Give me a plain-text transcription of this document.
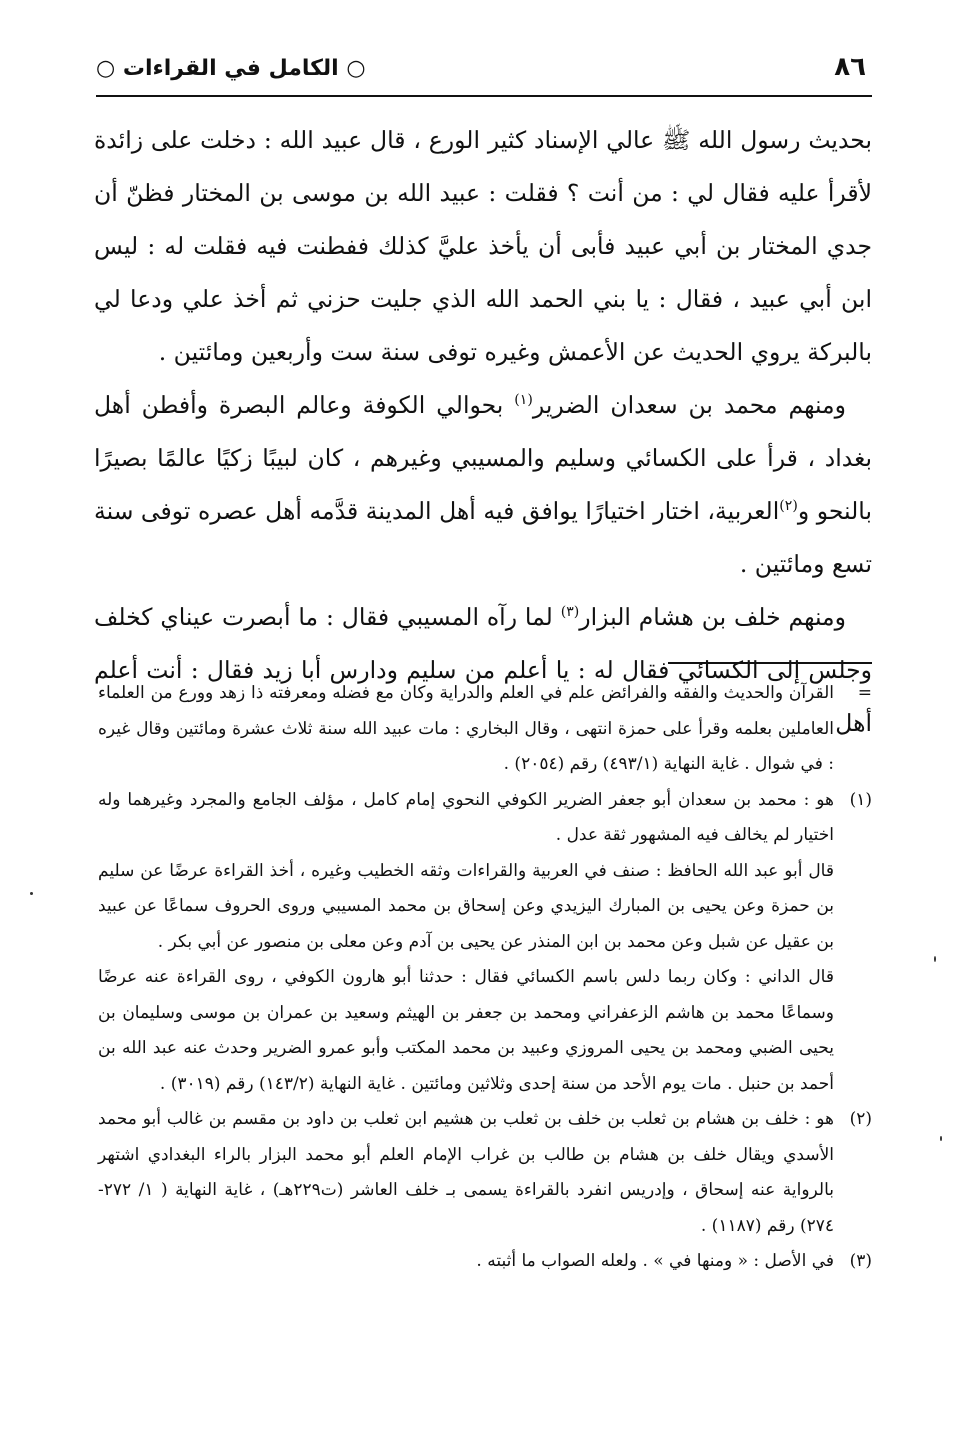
٨٦
○ الكامل في القراءات ○

بحديث رسول الله ﷺ عالي الإسناد كثير الورع ، قال عبيد الله : دخلت على زائدة لأقرأ عليه فقال لي : من أنت ؟ فقلت : عبيد الله بن موسى بن المختار فظنّ أن جدي المختار بن أبي عبيد فأبى أن يأخذ عليَّ كذلك ففطنت فيه فقلت له : ليس ابن أبي عبيد ، فقال : يا بني الحمد الله الذي جليت حزني ثم أخذ علي ودعا لي بالبركة يروي الحديث عن الأعمش وغيره توفى سنة ست وأربعين ومائتين .

ومنهم محمد بن سعدان الضرير$^{(١)}$ بحوالي الكوفة وعالم البصرة وأفطن أهل بغداد ، قرأ على الكسائي وسليم والمسيبي وغيرهم ، كان لبيبًا زكيًا عالمًا بصيرًا بالنحو و$^{(٢)}$العربية، اختار اختيارًا يوافق فيه أهل المدينة قدَّمه أهل عصره توفى سنة تسع ومائتين .

ومنهم خلف بن هشام البزار$^{(٣)}$ لما رآه المسيبي فقال : ما أبصرت عيناي كخلف وجلس إلى الكسائي فقال له : يا أعلم من سليم ودارس أبا زيد فقال : أنت أعلم أهل

=

القرآن والحديث والفقه والفرائض علم في العلم والدراية وكان مع فضله ومعرفته ذا زهد وورع من العلماء العاملين بعلمه وقرأ على حمزة انتهى ، وقال البخاري : مات عبيد الله سنة ثلاث عشرة ومائتين وقال غيره : في شوال . غاية النهاية (٤٩٣/١) رقم (٢٠٥٤) .

(١)

هو : محمد بن سعدان أبو جعفر الضرير الكوفي النحوي إمام كامل ، مؤلف الجامع والمجرد وغيرهما وله اختيار لم يخالف فيه المشهور ثقة عدل .

قال أبو عبد الله الحافظ : صنف في العربية والقراءات وثقه الخطيب وغيره ، أخذ القراءة عرضًا عن سليم بن حمزة وعن يحيى بن المبارك اليزيدي وعن إسحاق بن محمد المسيبي وروى الحروف سماعًا عن عبيد بن عقيل عن شبل وعن محمد بن ابن المنذر عن يحيى بن آدم وعن معلى بن منصور عن أبي بكر .

قال الداني : وكان ربما دلس باسم الكسائي فقال : حدثنا أبو هارون الكوفي ، روى القراءة عنه عرضًا وسماعًا محمد بن هاشم الزعفراني ومحمد بن جعفر بن الهيثم وسعيد بن عمران بن موسى وسليمان بن يحيى الضبي ومحمد بن يحيى المروزي وعبيد بن محمد المكتب وأبو عمرو الضرير وحدث عنه عبد الله بن أحمد بن حنبل . مات يوم الأحد من سنة إحدى وثلاثين ومائتين . غاية النهاية (١٤٣/٢) رقم (٣٠١٩) .

(٢)

هو : خلف بن هشام بن ثعلب بن خلف بن ثعلب بن هشيم ابن ثعلب بن داود بن مقسم بن غالب أبو محمد الأسدي ويقال خلف بن هشام بن طالب بن غراب الإمام العلم أبو محمد البزار بالراء البغدادي اشتهر بالرواية عنه إسحاق ، وإدريس انفرد بالقراءة يسمى بـ خلف العاشر (ت٢٢٩هـ) ، غاية النهاية ( ١/ ٢٧٢- ٢٧٤) رقم (١١٨٧) .

(٣)

في الأصل : « ومنها في » . ولعله الصواب ما أثبته .
